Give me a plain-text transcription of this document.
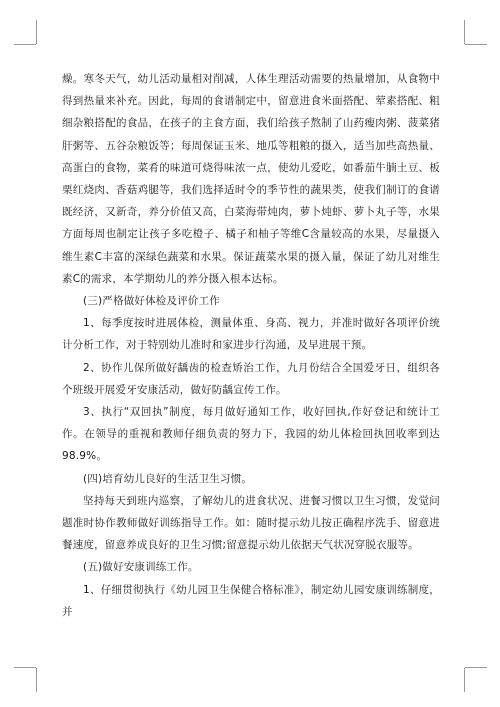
燥。寒冬天气，幼儿活动量相对削减，人体生理活动需要的热量增加，从食物中得到热量来补充。因此，每周的食谱制定中，留意进食米面搭配、荤素搭配、粗细杂粮搭配的食品，在孩子的主食方面，我们给孩子熬制了山药瘦肉粥、菠菜猪肝粥等、五谷杂粮饭等；每周保证玉米、地瓜等粗粮的摄入，适当加些高热量、高蛋白的食物，菜肴的味道可烧得味浓一点，使幼儿爱吃，如番茄牛腩土豆、板栗红烧肉、香菇鸡腿等，我们选择适时令的季节性的蔬果类，使我们制订的食谱既经济，又新奇，养分价值又高，白菜海带炖肉，萝卜炖虾、萝卜丸子等，水果方面每周也制定让孩子多吃橙子、橘子和柚子等维C含量较高的水果，尽量摄入维生素C丰富的深绿色蔬菜和水果。保证蔬菜水果的摄入量，保证了幼儿对维生素C的需求，本学期幼儿的养分摄入根本达标。

(三)严格做好体检及评价工作

1、每季度按时进展体检，测量体重、身高、视力，并准时做好各项评价统计分析工作，对于特别幼儿准时和家进步行沟通，及早进展干预。

2、协作儿保所做好龋齿的检查矫治工作，九月份结合全国爱牙日，组织各个班级开展爱牙安康活动，做好防龋宣传工作。

3、执行“双回执”制度，每月做好通知工作，收好回执,作好登记和统计工作。在领导的重视和教师仔细负责的努力下，我园的幼儿体检回执回收率到达98.9%。

(四)培育幼儿良好的生活卫生习惯。

坚持每天到班内巡察，了解幼儿的进食状况、进餐习惯以卫生习惯，发觉问题准时协作教师做好训练指导工作。如：随时提示幼儿按正确程序洗手、留意进餐速度，留意养成良好的卫生习惯;留意提示幼儿依据天气状况穿脱衣服等。

(五)做好安康训练工作。

1、仔细贯彻执行《幼儿园卫生保健合格标准》，制定幼儿园安康训练制度，并
